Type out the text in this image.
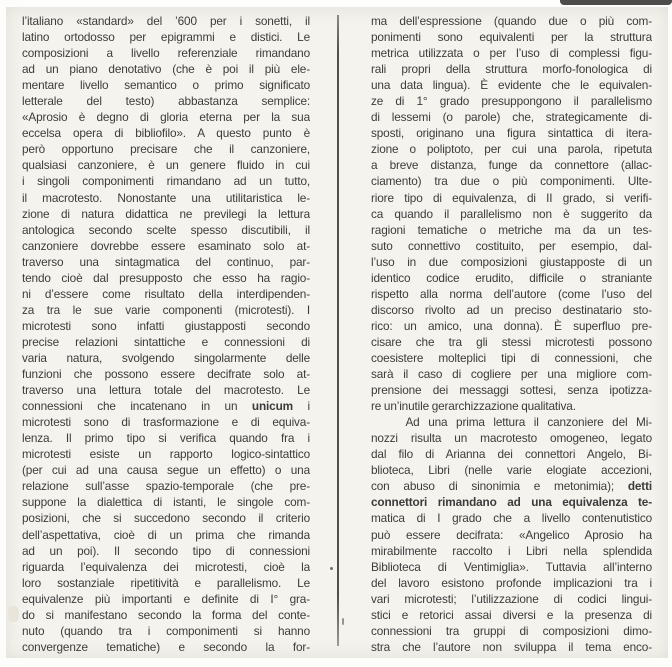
l’italiano «standard» del ’600 per i sonetti, il
latino ortodosso per epigrammi e distici. Le
composizioni a livello referenziale rimandano
ad un piano denotativo (che è poi il più ele-
mentare livello semantico o primo significato
letterale del testo) abbastanza semplice:
«Aprosio è degno di gloria eterna per la sua
eccelsa opera di bibliofilo». A questo punto è
però opportuno precisare che il canzoniere,
qualsiasi canzoniere, è un genere fluido in cui
i singoli componimenti rimandano ad un tutto,
il macrotesto. Nonostante una utilitaristica le-
zione di natura didattica ne previlegi la lettura
antologica secondo scelte spesso discutibili, il
canzoniere dovrebbe essere esaminato solo at-
traverso una sintagmatica del continuo, par-
tendo cioè dal presupposto che esso ha ragio-
ni d’essere come risultato della interdipenden-
za tra le sue varie componenti (microtesti). I
microtesti sono infatti giustapposti secondo
precise relazioni sintattiche e connessioni di
varia natura, svolgendo singolarmente delle
funzioni che possono essere decifrate solo at-
traverso una lettura totale del macrotesto. Le
connessioni che incatenano in un unicum i
microtesti sono di trasformazione e di equiva-
lenza. Il primo tipo si verifica quando fra i
microtesti esiste un rapporto logico-sintattico
(per cui ad una causa segue un effetto) o una
relazione sull’asse spazio-temporale (che pre-
suppone la dialettica di istanti, le singole com-
posizioni, che si succedono secondo il criterio
dell’aspettativa, cioè di un prima che rimanda
ad un poi). Il secondo tipo di connessioni
riguarda l’equivalenza dei microtesti, cioè la
loro sostanziale ripetitività e parallelismo. Le
equivalenze più importanti e definite di I° gra-
do si manifestano secondo la forma del conte-
nuto (quando tra i componimenti si hanno
convergenze tematiche) e secondo la for-
ma dell’espressione (quando due o più com-
ponimenti sono equivalenti per la struttura
metrica utilizzata o per l’uso di complessi figu-
rali propri della struttura morfo-fonologica di
una data lingua). È evidente che le equivalen-
ze di 1° grado presuppongono il parallelismo
di lessemi (o parole) che, strategicamente di-
sposti, originano una figura sintattica di itera-
zione o poliptoto, per cui una parola, ripetuta
a breve distanza, funge da connettore (allac-
ciamento) tra due o più componimenti. Ulte-
riore tipo di equivalenza, di II grado, si verifi-
ca quando il parallelismo non è suggerito da
ragioni tematiche o metriche ma da un tes-
suto connettivo costituito, per esempio, dal-
l’uso in due composizioni giustapposte di un
identico codice erudito, difficile o straniante
rispetto alla norma dell’autore (come l’uso del
discorso rivolto ad un preciso destinatario sto-
rico: un amico, una donna). È superfluo pre-
cisare che tra gli stessi microtesti possono
coesistere molteplici tipi di connessioni, che
sarà il caso di cogliere per una migliore com-
prensione dei messaggi sottesi, senza ipotizza-
re un’inutile gerarchizzazione qualitativa.
Ad una prima lettura il canzoniere del Mi-
nozzi risulta un macrotesto omogeneo, legato
dal filo di Arianna dei connettori Angelo, Bi-
blioteca, Libri (nelle varie elogiate accezioni,
con abuso di sinonimia e metonimia); detti
connettori rimandano ad una equivalenza te-
matica di I grado che a livello contenutistico
può essere decifrata: «Angelico Aprosio ha
mirabilmente raccolto i Libri nella splendida
Biblioteca di Ventimiglia». Tuttavia all’interno
del lavoro esistono profonde implicazioni tra i
vari microtesti; l’utilizzazione di codici lingui-
stici e retorici assai diversi e la presenza di
connessioni tra gruppi di composizioni dimo-
stra che l’autore non sviluppa il tema enco-
